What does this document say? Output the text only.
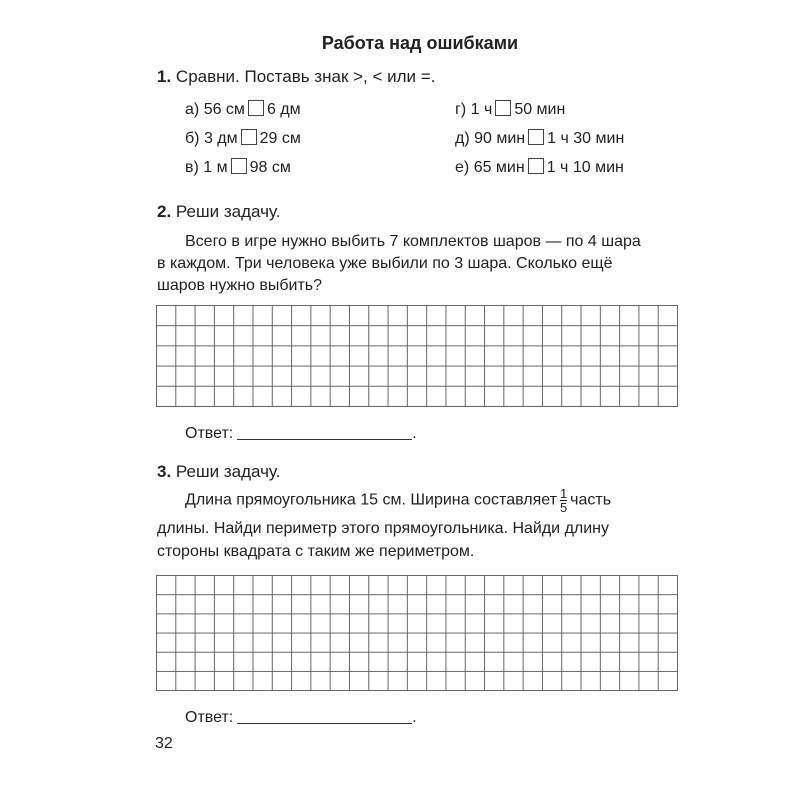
Работа над ошибками
1. Сравни. Поставь знак >, < или =.
а) 56 см 6 дм
б) 3 дм 29 см
в) 1 м 98 см
г) 1 ч 50 мин
д) 90 мин 1 ч 30 мин
е) 65 мин 1 ч 10 мин
2. Реши задачу.
Всего в игре нужно выбить 7 комплектов шаров — по 4 шара
в каждом. Три человека уже выбили по 3 шара. Сколько ещё
шаров нужно выбить?
Ответ:	.
3. Реши задачу.
Длина прямоугольника 15 см. Ширина составляет $\frac{1}{5}$ часть
длины. Найди периметр этого прямоугольника. Найди длину
стороны квадрата с таким же периметром.
Ответ:	.
32
